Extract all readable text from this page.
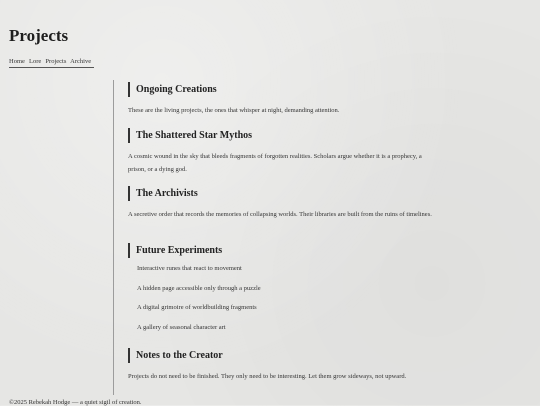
Projects
Home Lore Projects Archive
Ongoing Creations

These are the living projects, the ones that whisper at night, demanding attention.

The Shattered Star Mythos

A cosmic wound in the sky that bleeds fragments of forgotten realities. Scholars argue whether it is a prophecy, a prison, or a dying god.

The Archivists

A secretive order that records the memories of collapsing worlds. Their libraries are built from the ruins of timelines.

Future Experiments
Interactive runes that react to movement
A hidden page accessible only through a puzzle
A digital grimoire of worldbuilding fragments
A gallery of seasonal character art
Notes to the Creator

Projects do not need to be finished. They only need to be interesting. Let them grow sideways, not upward.

©2025 Rebekah Hodge — a quiet sigil of creation.
